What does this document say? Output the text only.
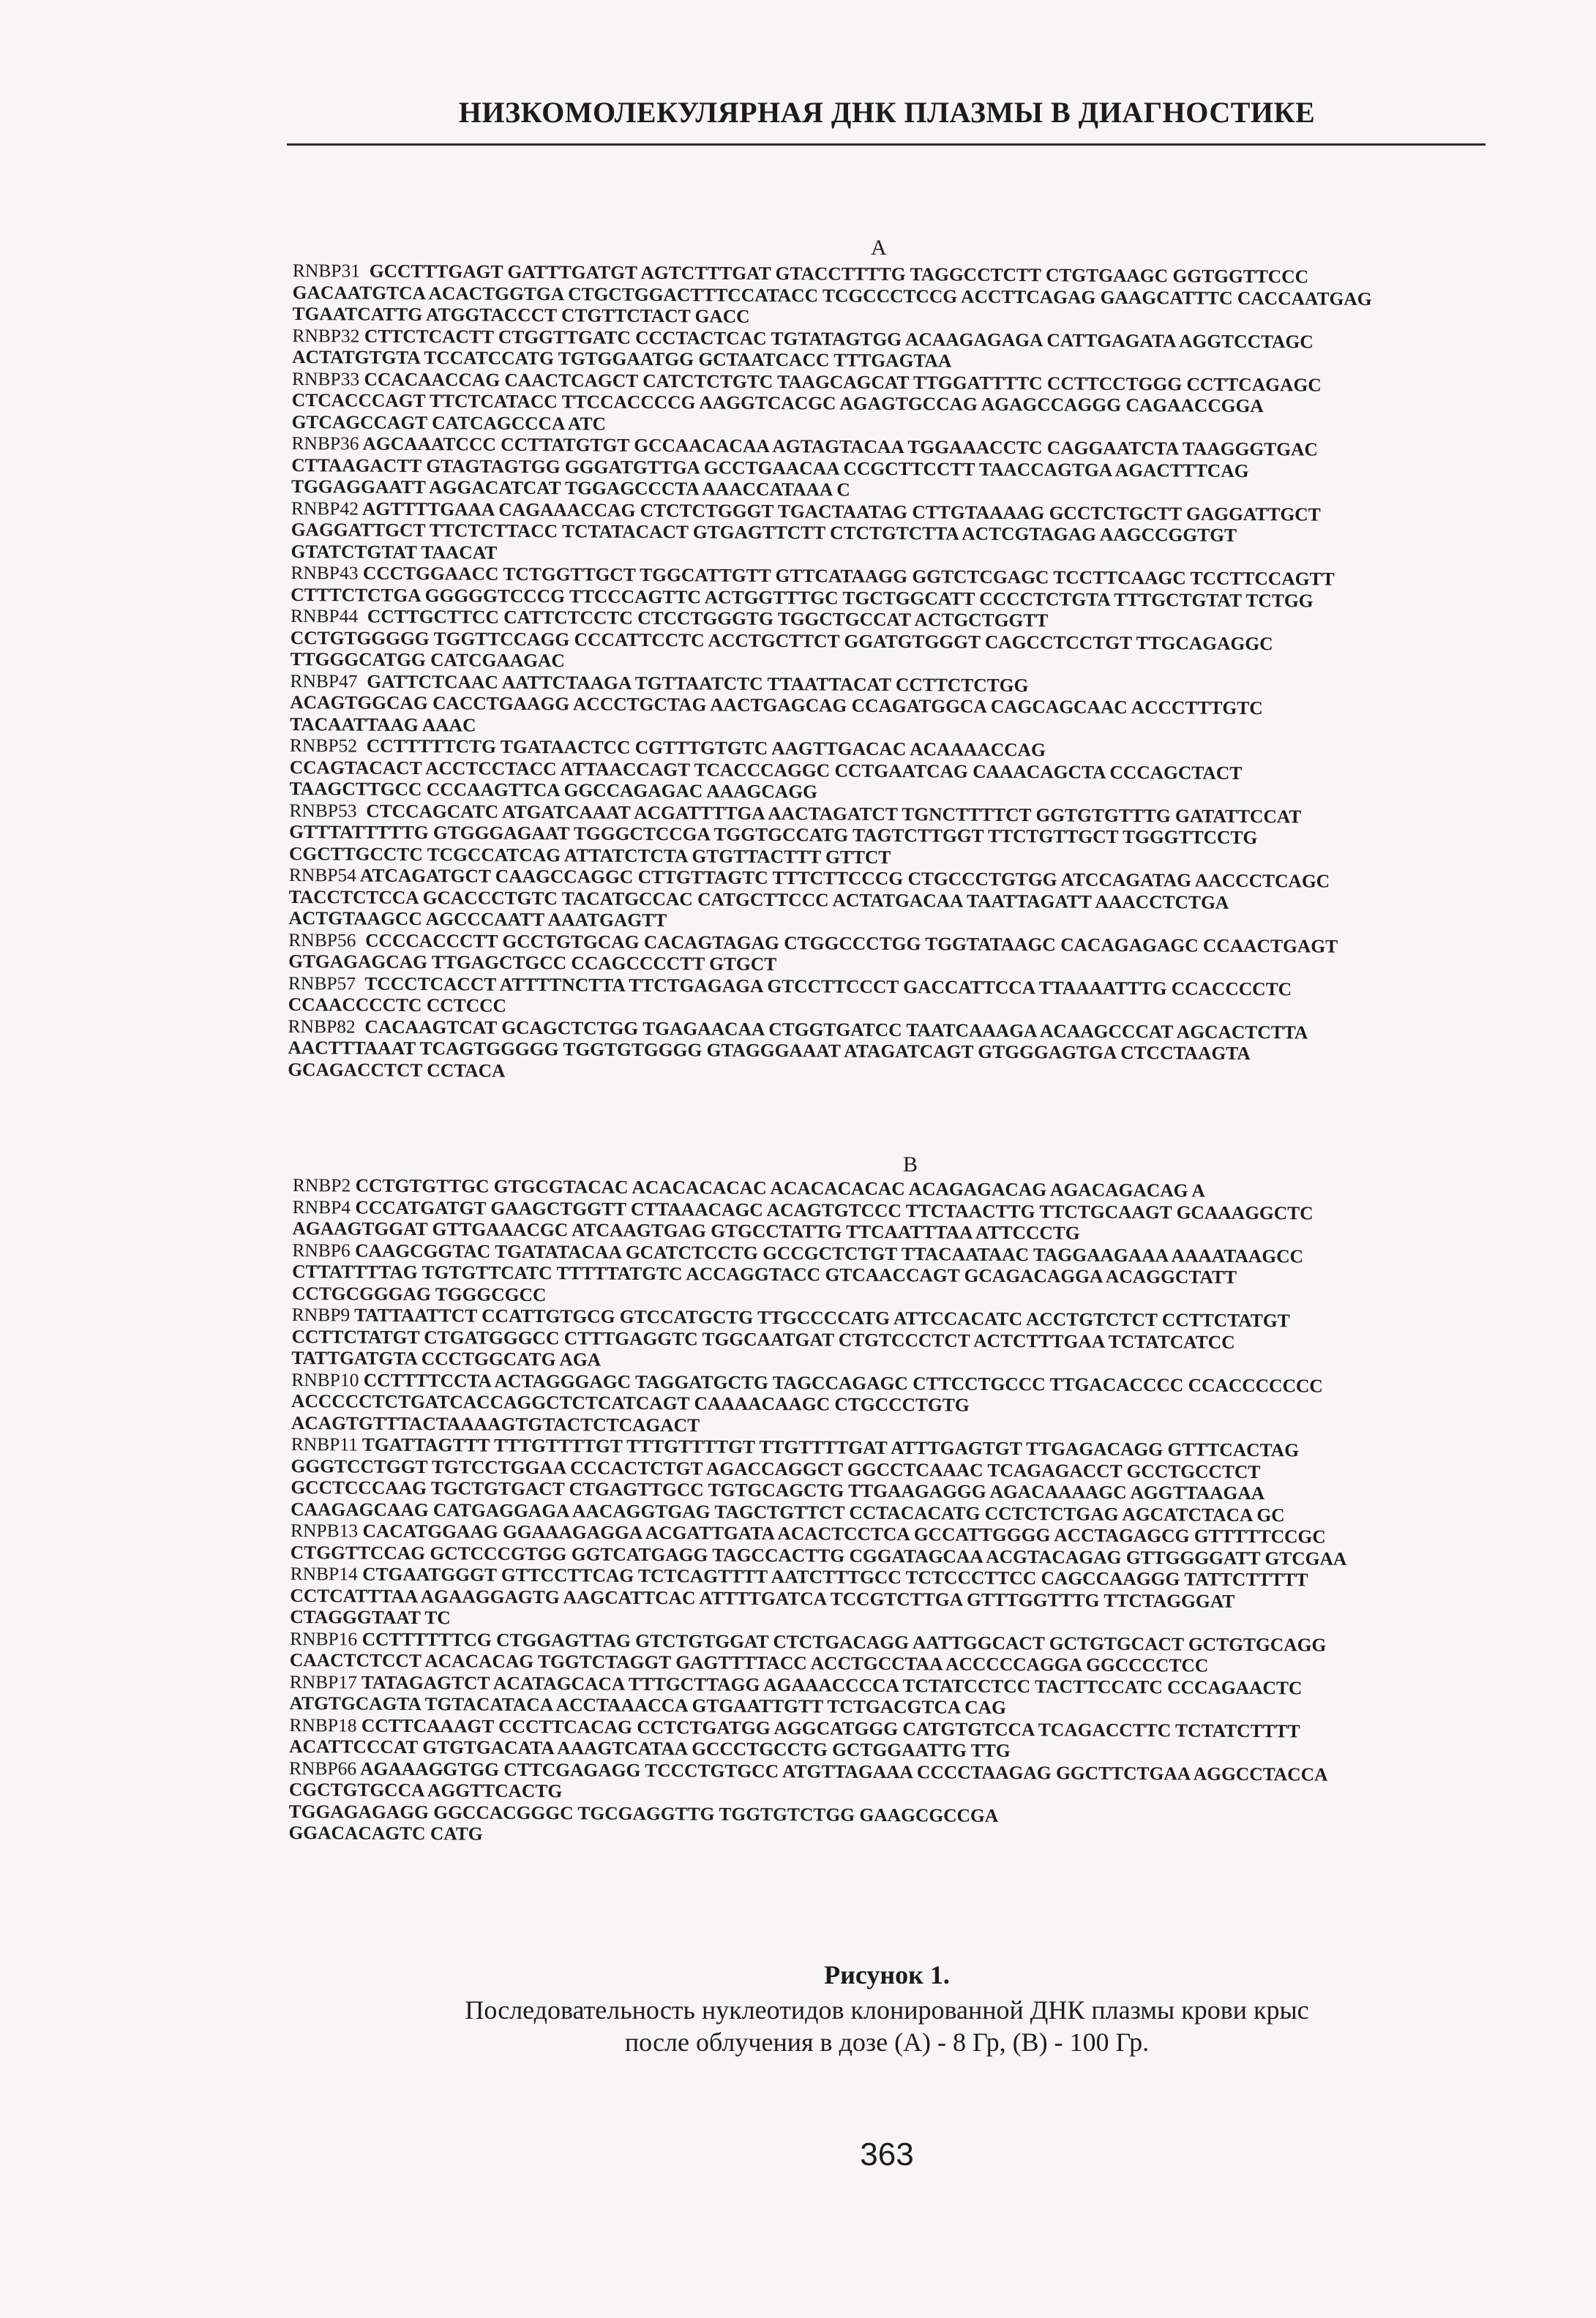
НИЗКОМОЛЕКУЛЯРНАЯ ДНК ПЛАЗМЫ В ДИАГНОСТИКЕ
A
RNBP31  GCCTTTGAGT GATTTGATGT AGTCTTTGAT GTACCTTTTG TAGGCCTCTT CTGTGAAGC GGTGGTTCCC
GACAATGTCA ACACTGGTGA CTGCTGGACTTTCCATACC TCGCCCTCCG ACCTTCAGAG GAAGCATTTC CACCAATGAG
TGAATCATTG ATGGTACCCT CTGTTCTACT GACC
RNBP32 CTTCTCACTT CTGGTTGATC CCCTACTCAC TGTATAGTGG ACAAGAGAGA CATTGAGATA AGGTCCTAGC
ACTATGTGTA TCCATCCATG TGTGGAATGG GCTAATCACC TTTGAGTAA
RNBP33 CCACAACCAG CAACTCAGCT CATCTCTGTC TAAGCAGCAT TTGGATTTTC CCTTCCTGGG CCTTCAGAGC
CTCACCCAGT TTCTCATACC TTCCACCCCG AAGGTCACGC AGAGTGCCAG AGAGCCAGGG CAGAACCGGA
GTCAGCCAGT CATCAGCCCA ATC
RNBP36 AGCAAATCCC CCTTATGTGT GCCAACACAA AGTAGTACAA TGGAAACCTC CAGGAATCTA TAAGGGTGAC
CTTAAGACTT GTAGTAGTGG GGGATGTTGA GCCTGAACAA CCGCTTCCTT TAACCAGTGA AGACTTTCAG
TGGAGGAATT AGGACATCAT TGGAGCCCTA AAACCATAAA C
RNBP42 AGTTTTGAAA CAGAAACCAG CTCTCTGGGT TGACTAATAG CTTGTAAAAG GCCTCTGCTT GAGGATTGCT
GAGGATTGCT TTCTCTTACC TCTATACACT GTGAGTTCTT CTCTGTCTTA ACTCGTAGAG AAGCCGGTGT
GTATCTGTAT TAACAT
RNBP43 CCCTGGAACC TCTGGTTGCT TGGCATTGTT GTTCATAAGG GGTCTCGAGC TCCTTCAAGC TCCTTCCAGTT
CTTTCTCTGA GGGGGTCCCG TTCCCAGTTC ACTGGTTTGC TGCTGGCATT CCCCTCTGTA TTTGCTGTAT TCTGG
RNBP44  CCTTGCTTCC CATTCTCCTC CTCCTGGGTG TGGCTGCCAT ACTGCTGGTT
CCTGTGGGGG TGGTTCCAGG CCCATTCCTC ACCTGCTTCT GGATGTGGGT CAGCCTCCTGT TTGCAGAGGC
TTGGGCATGG CATCGAAGAC
RNBP47  GATTCTCAAC AATTCTAAGA TGTTAATCTC TTAATTACAT CCTTCTCTGG
ACAGTGGCAG CACCTGAAGG ACCCTGCTAG AACTGAGCAG CCAGATGGCA CAGCAGCAAC ACCCTTTGTC
TACAATTAAG AAAC
RNBP52  CCTTTTTCTG TGATAACTCC CGTTTGTGTC AAGTTGACAC ACAAAACCAG
CCAGTACACT ACCTCCTACC ATTAACCAGT TCACCCAGGC CCTGAATCAG CAAACAGCTA CCCAGCTACT
TAAGCTTGCC CCCAAGTTCA GGCCAGAGAC AAAGCAGG
RNBP53  CTCCAGCATC ATGATCAAAT ACGATTTTGA AACTAGATCT TGNCTTTTCT GGTGTGTTTG GATATTCCAT
GTTTATTTTTG GTGGGAGAAT TGGGCTCCGA TGGTGCCATG TAGTCTTGGT TTCTGTTGCT TGGGTTCCTG
CGCTTGCCTC TCGCCATCAG ATTATCTCTA GTGTTACTTT GTTCT
RNBP54 ATCAGATGCT CAAGCCAGGC CTTGTTAGTC TTTCTTCCCG CTGCCCTGTGG ATCCAGATAG AACCCTCAGC
TACCTCTCCA GCACCCTGTC TACATGCCAC CATGCTTCCC ACTATGACAA TAATTAGATT AAACCTCTGA
ACTGTAAGCC AGCCCAATT AAATGAGTT
RNBP56  CCCCACCCTT GCCTGTGCAG CACAGTAGAG CTGGCCCTGG TGGTATAAGC CACAGAGAGC CCAACTGAGT
GTGAGAGCAG TTGAGCTGCC CCAGCCCCTT GTGCT
RNBP57  TCCCTCACCT ATTTTNCTTA TTCTGAGAGA GTCCTTCCCT GACCATTCCA TTAAAATTTG CCACCCCTC
CCAACCCCTC CCTCCC
RNBP82  CACAAGTCAT GCAGCTCTGG TGAGAACAA CTGGTGATCC TAATCAAAGA ACAAGCCCAT AGCACTCTTA
AACTTTAAAT TCAGTGGGGG TGGTGTGGGG GTAGGGAAAT ATAGATCAGT GTGGGAGTGA CTCCTAAGTA
GCAGACCTCT CCTACA
B
RNBP2 CCTGTGTTGC GTGCGTACAC ACACACACAC ACACACACAC ACAGAGACAG AGACAGACAG A
RNBP4 CCCATGATGT GAAGCTGGTT CTTAAACAGC ACAGTGTCCC TTCTAACTTG TTCTGCAAGT GCAAAGGCTC
AGAAGTGGAT GTTGAAACGC ATCAAGTGAG GTGCCTATTG TTCAATTTAA ATTCCCTG
RNBP6 CAAGCGGTAC TGATATACAA GCATCTCCTG GCCGCTCTGT TTACAATAAC TAGGAAGAAA AAAATAAGCC
CTTATTTTAG TGTGTTCATC TTTTTATGTC ACCAGGTACC GTCAACCAGT GCAGACAGGA ACAGGCTATT
CCTGCGGGAG TGGGCGCC
RNBP9 TATTAATTCT CCATTGTGCG GTCCATGCTG TTGCCCCATG ATTCCACATC ACCTGTCTCT CCTTCTATGT
CCTTCTATGT CTGATGGGCC CTTTGAGGTC TGGCAATGAT CTGTCCCTCT ACTCTTTGAA TCTATCATCC
TATTGATGTA CCCTGGCATG AGA
RNBP10 CCTTTTCCTA ACTAGGGAGC TAGGATGCTG TAGCCAGAGC CTTCCTGCCC TTGACACCCC CCACCCCCCC
ACCCCCTCTGATCACCAGGCTCTCATCAGT CAAAACAAGC CTGCCCTGTG
ACAGTGTTTACTAAAAGTGTACTCTCAGACT
RNBP11 TGATTAGTTT TTTGTTTTGT TTTGTTTTGT TTGTTTTGAT ATTTGAGTGT TTGAGACAGG GTTTCACTAG
GGGTCCTGGT TGTCCTGGAA CCCACTCTGT AGACCAGGCT GGCCTCAAAC TCAGAGACCT GCCTGCCTCT
GCCTCCCAAG TGCTGTGACT CTGAGTTGCC TGTGCAGCTG TTGAAGAGGG AGACAAAAGC AGGTTAAGAA
CAAGAGCAAG CATGAGGAGA AACAGGTGAG TAGCTGTTCT CCTACACATG CCTCTCTGAG AGCATCTACA GC
RNPB13 CACATGGAAG GGAAAGAGGA ACGATTGATA ACACTCCTCA GCCATTGGGG ACCTAGAGCG GTTTTTCCGC
CTGGTTCCAG GCTCCCGTGG GGTCATGAGG TAGCCACTTG CGGATAGCAA ACGTACAGAG GTTGGGGATT GTCGAA
RNBP14 CTGAATGGGT GTTCCTTCAG TCTCAGTTTT AATCTTTGCC TCTCCCTTCC CAGCCAAGGG TATTCTTTTT
CCTCATTTAA AGAAGGAGTG AAGCATTCAC ATTTTGATCA TCCGTCTTGA GTTTGGTTTG TTCTAGGGAT
CTAGGGTAAT TC
RNBP16 CCTTTTTTCG CTGGAGTTAG GTCTGTGGAT CTCTGACAGG AATTGGCACT GCTGTGCACT GCTGTGCAGG
CAACTCTCCT ACACACAG TGGTCTAGGT GAGTTTTACC ACCTGCCTAA ACCCCCAGGA GGCCCCTCC
RNBP17 TATAGAGTCT ACATAGCACA TTTGCTTAGG AGAAACCCCA TCTATCCTCC TACTTCCATC CCCAGAACTC
ATGTGCAGTA TGTACATACA ACCTAAACCA GTGAATTGTT TCTGACGTCA CAG
RNBP18 CCTTCAAAGT CCCTTCACAG CCTCTGATGG AGGCATGGG CATGTGTCCA TCAGACCTTC TCTATCTTTT
ACATTCCCAT GTGTGACATA AAAGTCATAA GCCCTGCCTG GCTGGAATTG TTG
RNBP66 AGAAAGGTGG CTTCGAGAGG TCCCTGTGCC ATGTTAGAAA CCCCTAAGAG GGCTTCTGAA AGGCCTACCA
CGCTGTGCCA AGGTTCACTG
TGGAGAGAGG GGCCACGGGC TGCGAGGTTG TGGTGTCTGG GAAGCGCCGA
GGACACAGTC CATG
Рисунок 1.
Последовательность нуклеотидов клонированной ДНК плазмы крови крыс
после облучения в дозе (А) - 8 Гр, (В) - 100 Гр.
363
